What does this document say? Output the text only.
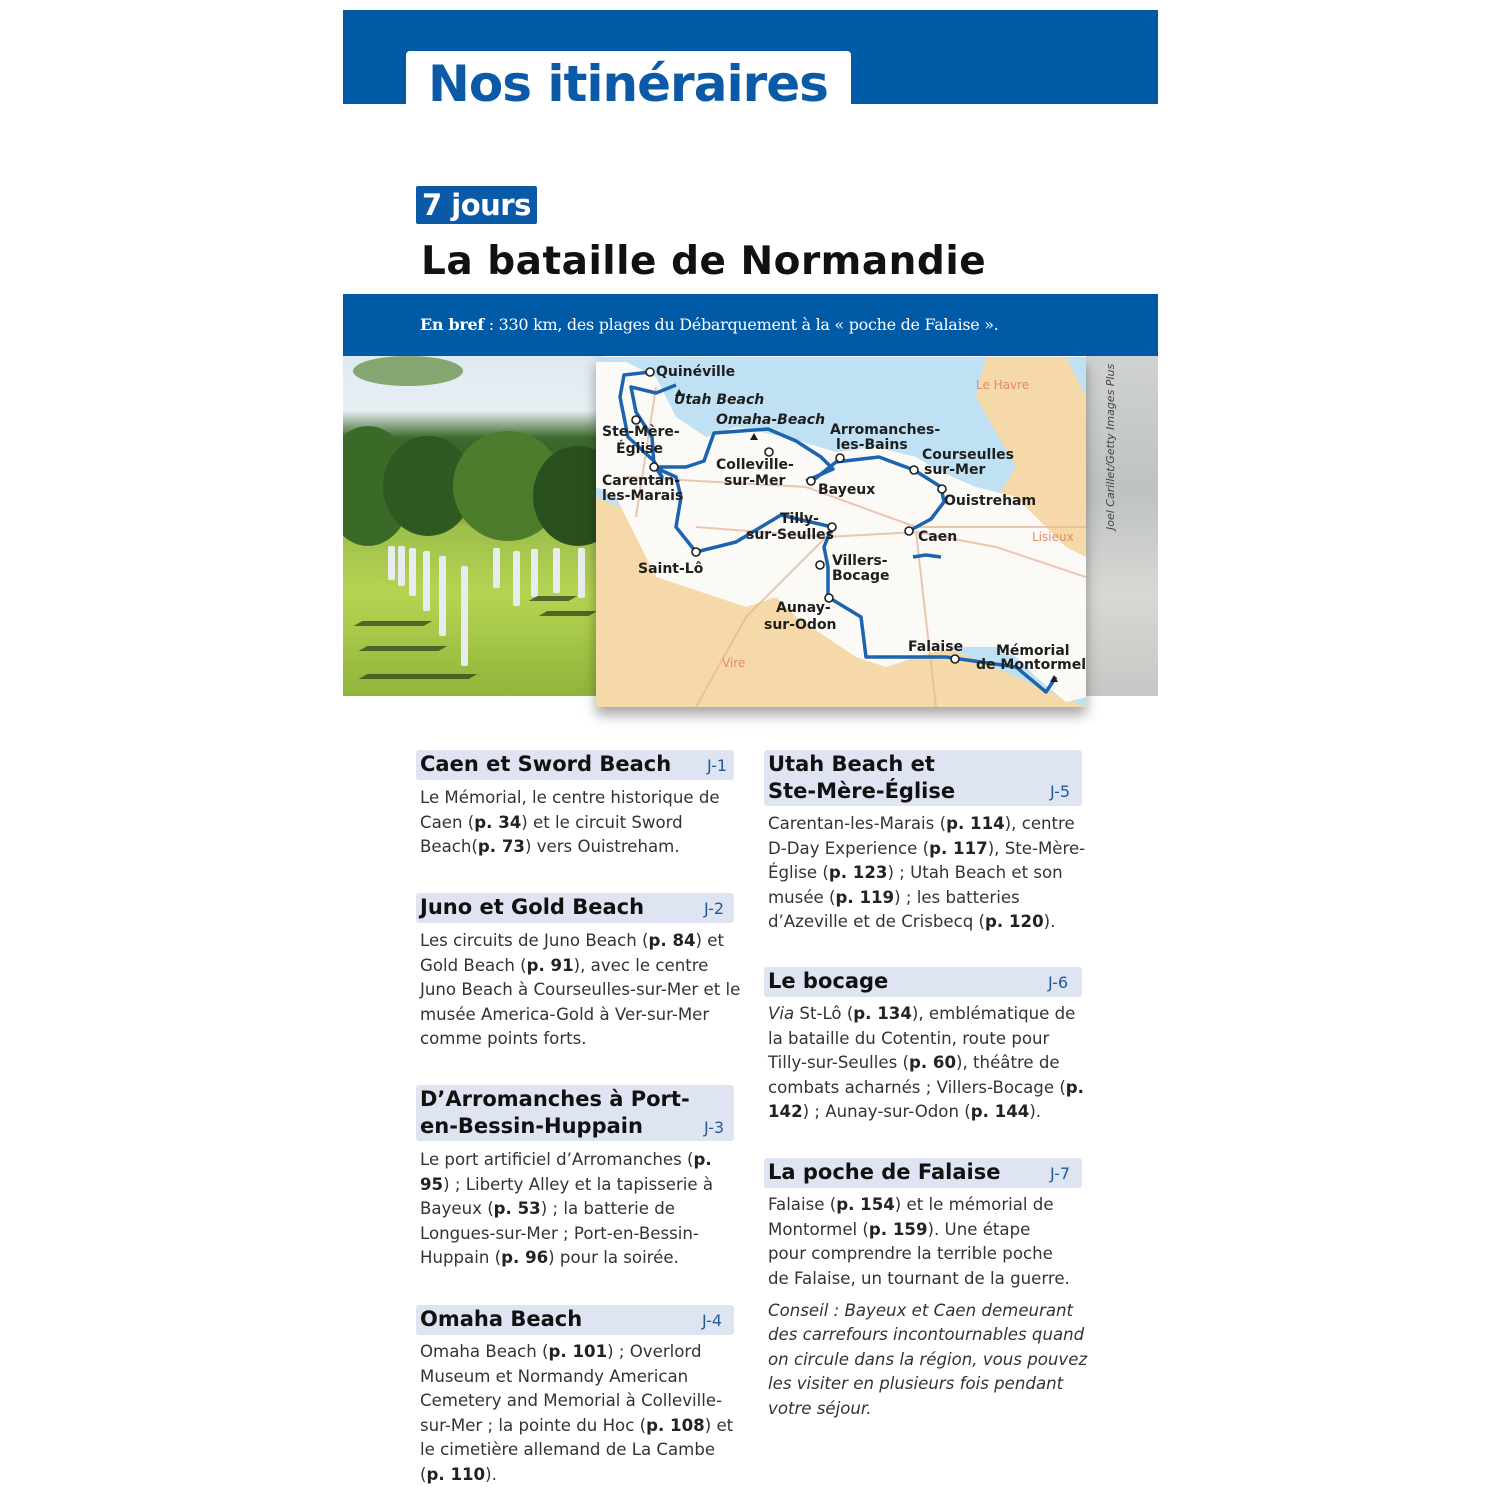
Nos itinéraires
7 jours
La bataille de Normandie
En bref : 330 km, des plages du Débarquement à la « poche de Falaise ».
Joel Carillet/Getty Images Plus
Quinéville
Utah Beach
Omaha-Beach
Ste-Mère-
Église
Carentan-
les-Marais
Colleville-
sur-Mer
Arromanches-
les-Bains
Courseulles
sur-Mer
Bayeux
Ouistreham
Caen
Tilly-
sur-Seulles
Saint-Lô	Villers-
Bocage
Aunay-
sur-Odon
Falaise Mémorial
de Montormel
Le Havre
Lisieux
Vire
Caen et Sword Beach J-1
Le Mémorial, le centre historique de Caen (p. 34) et le circuit Sword Beach(p. 73) vers Ouistreham.
Juno et Gold Beach	J-2
Les circuits de Juno Beach (p. 84) et Gold Beach (p. 91), avec le centre Juno Beach à Courseulles-sur-Mer et le musée America-Gold à Ver-sur-Mer comme points forts.
D’Arromanches à Port-en-Bessin-Huppain	J-3
Le port artificiel d’Arromanches (p. 95) ; Liberty Alley et la tapisserie à Bayeux (p. 53) ; la batterie de Longues-sur-Mer ; Port-en-Bessin-Huppain (p. 96) pour la soirée.
Omaha Beach	J-4
Omaha Beach (p. 101) ; Overlord Museum et Normandy American Cemetery and Memorial à Colleville-sur-Mer ; la pointe du Hoc (p. 108) et le cimetière allemand de La Cambe (p. 110).
Utah Beach et Ste-Mère-Église	J-5
Carentan-les-Marais (p. 114), centre D-Day Experience (p. 117), Ste-Mère-Église (p. 123) ; Utah Beach et son musée (p. 119) ; les batteries d’Azeville et de Crisbecq (p. 120).
Le bocage	J-6
Via St-Lô (p. 134), emblématique de la bataille du Cotentin, route pour Tilly-sur-Seulles (p. 60), théâtre de combats acharnés ; Villers-Bocage (p. 142) ; Aunay-sur-Odon (p. 144).
La poche de Falaise	J-7
Falaise (p. 154) et le mémorial de Montormel (p. 159). Une étape pour comprendre la terrible poche de Falaise, un tournant de la guerre.
Conseil : Bayeux et Caen demeurant des carrefours incontournables quand on circule dans la région, vous pouvez les visiter en plusieurs fois pendant votre séjour.
